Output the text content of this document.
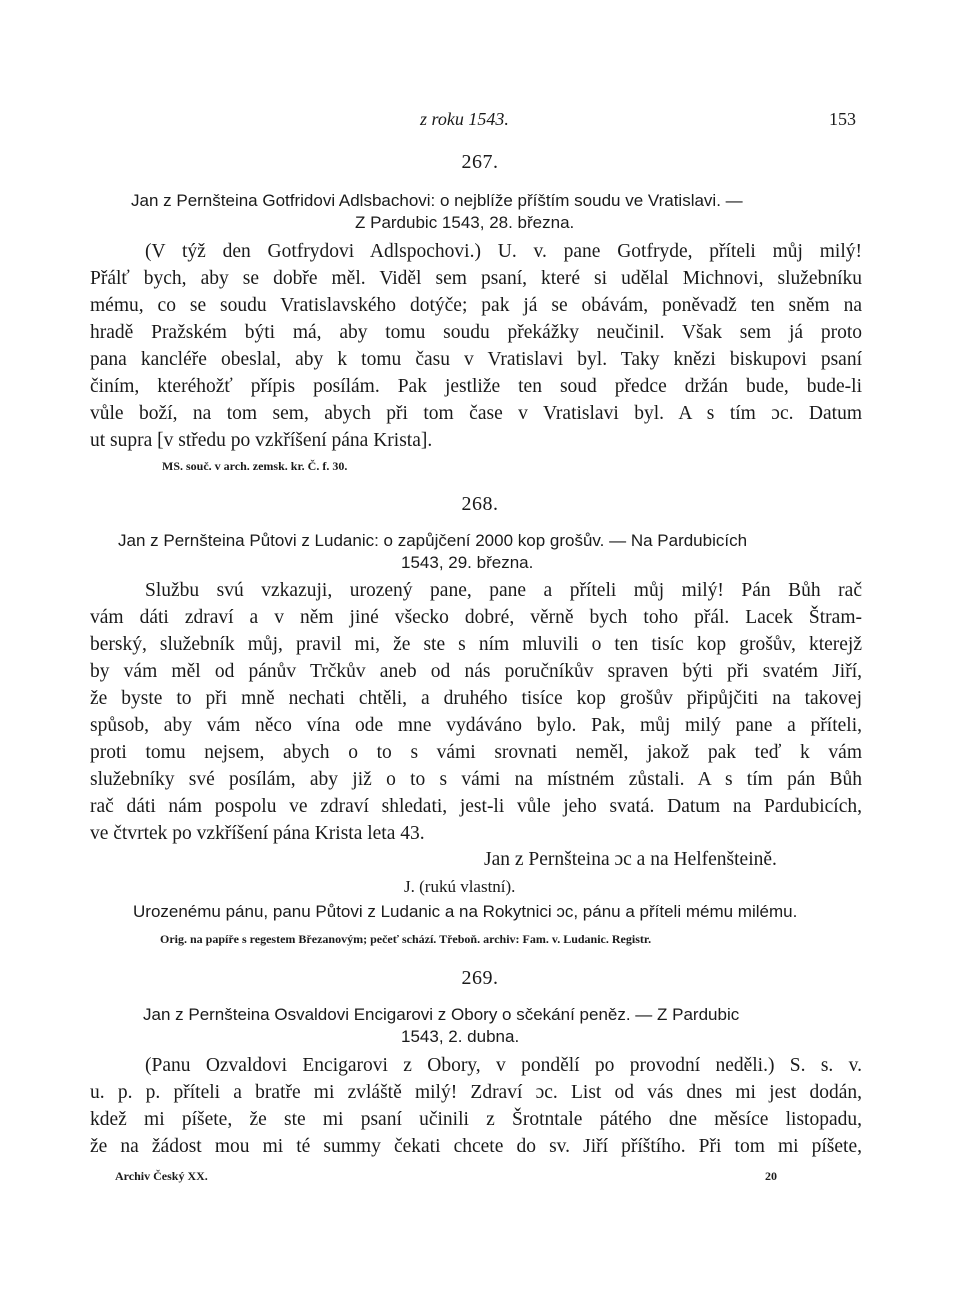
z roku 1543.	153
267.
Jan z Pernšteina Gotfridovi Adlsbachovi: o nejblíže příštím soudu ve Vratislavi. —
Z Pardubic 1543, 28. března.
(V týž den Gotfrydovi Adlspochovi.) U. v. pane Gotfryde, příteli můj milý!
Přálť bych, aby se dobře měl. Viděl sem psaní, které si udělal Michnovi, služebníku
mému, co se soudu Vratislavského dotýče; pak já se obávám, poněvadž ten sněm na
hradě Pražském býti má, aby tomu soudu překážky neučinil. Však sem já proto
pana kancléře obeslal, aby k tomu času v Vratislavi byl. Taky knězi biskupovi psaní
činím, kteréhožť přípis posílám. Pak jestliže ten soud předce držán bude, bude-li
vůle boží, na tom sem, abych při tom čase v Vratislavi byl. A s tím ɔc. Datum
ut supra [v středu po vzkříšení pána Krista].
MS. souč. v arch. zemsk. kr. Č. f. 30.
268.
Jan z Pernšteina Půtovi z Ludanic: o zapůjčení 2000 kop grošův. — Na Pardubicích
1543, 29. března.
Službu svú vzkazuji, urozený pane, pane a příteli můj milý! Pán Bůh rač
vám dáti zdraví a v něm jiné všecko dobré, věrně bych toho přál. Lacek Štram-
berský, služebník můj, pravil mi, že ste s ním mluvili o ten tisíc kop grošův, kterejž
by vám měl od pánův Trčkův aneb od nás poručníkův spraven býti při svatém Jiří,
že byste to při mně nechati chtěli, a druhého tisíce kop grošův připůjčiti na takovej
spůsob, aby vám něco vína ode mne vydáváno bylo. Pak, můj milý pane a příteli,
proti tomu nejsem, abych o to s vámi srovnati neměl, jakož pak teď k vám
služebníky své posílám, aby již o to s vámi na místném zůstali. A s tím pán Bůh
rač dáti nám pospolu ve zdraví shledati, jest-li vůle jeho svatá. Datum na Pardubicích,
ve čtvrtek po vzkříšení pána Krista leta 43.
Jan z Pernšteina ɔc a na Helfenšteině.
J. (rukú vlastní).
Urozenému pánu, panu Půtovi z Ludanic a na Rokytnici ɔc, pánu a příteli mému milému.
Orig. na papíře s regestem Březanovým; pečeť schází. Třeboň. archiv: Fam. v. Ludanic. Registr.
269.
Jan z Pernšteina Osvaldovi Encigarovi z Obory o sčekání peněz. — Z Pardubic
1543, 2. dubna.
(Panu Ozvaldovi Encigarovi z Obory, v pondělí po provodní neděli.) S. s. v.
u. p. p. příteli a bratře mi zvláště milý! Zdraví ɔc. List od vás dnes mi jest dodán,
kdež mi píšete, že ste mi psaní učinili z Šrotntale pátého dne měsíce listopadu,
že na žádost mou mi té summy čekati chcete do sv. Jiří příštího. Při tom mi píšete,
Archiv Český XX.	20
